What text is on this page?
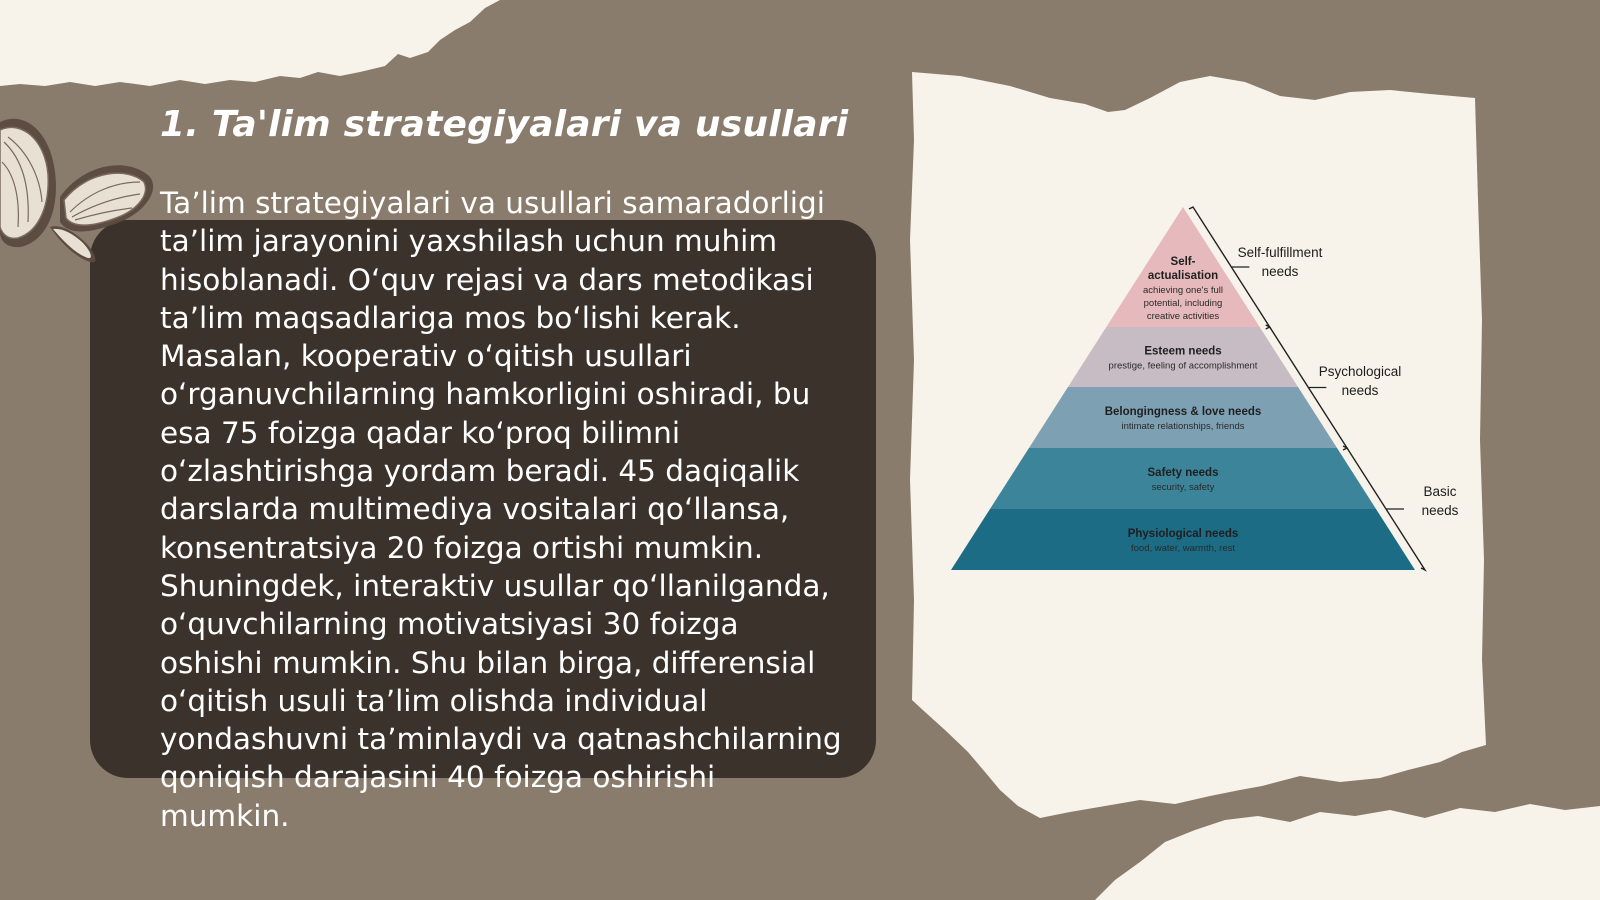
1. Ta'lim strategiyalari va usullari

Ta’lim strategiyalari va usullari samaradorligi ta’lim jarayonini yaxshilash uchun muhim hisoblanadi. O‘quv rejasi va dars metodikasi ta’lim maqsadlariga mos bo‘lishi kerak. Masalan, kooperativ o‘qitish usullari o‘rganuvchilarning hamkorligini oshiradi, bu esa 75 foizga qadar ko‘proq bilimni o‘zlashtirishga yordam beradi. 45 daqiqalik darslarda multimediya vositalari qo‘llansa, konsentratsiya 20 foizga ortishi mumkin. Shuningdek, interaktiv usullar qo‘llanilganda, o‘quvchilarning motivatsiyasi 30 foizga oshishi mumkin. Shu bilan birga, differensial o‘qitish usuli ta’lim olishda individual yondashuvni ta’minlaydi va qatnashchilarning qoniqish darajasini 40 foizga oshirishi mumkin.

Self-
actualisation
achieving one's full
potential, including
creative activities
Esteem needs
prestige, feeling of accomplishment
Belongingness & love needs
intimate relationships, friends
Safety needs
security, safety
Physiological needs
food, water, warmth, rest
Self-fulfillment
needs
Psychological
needs
Basic
needs
